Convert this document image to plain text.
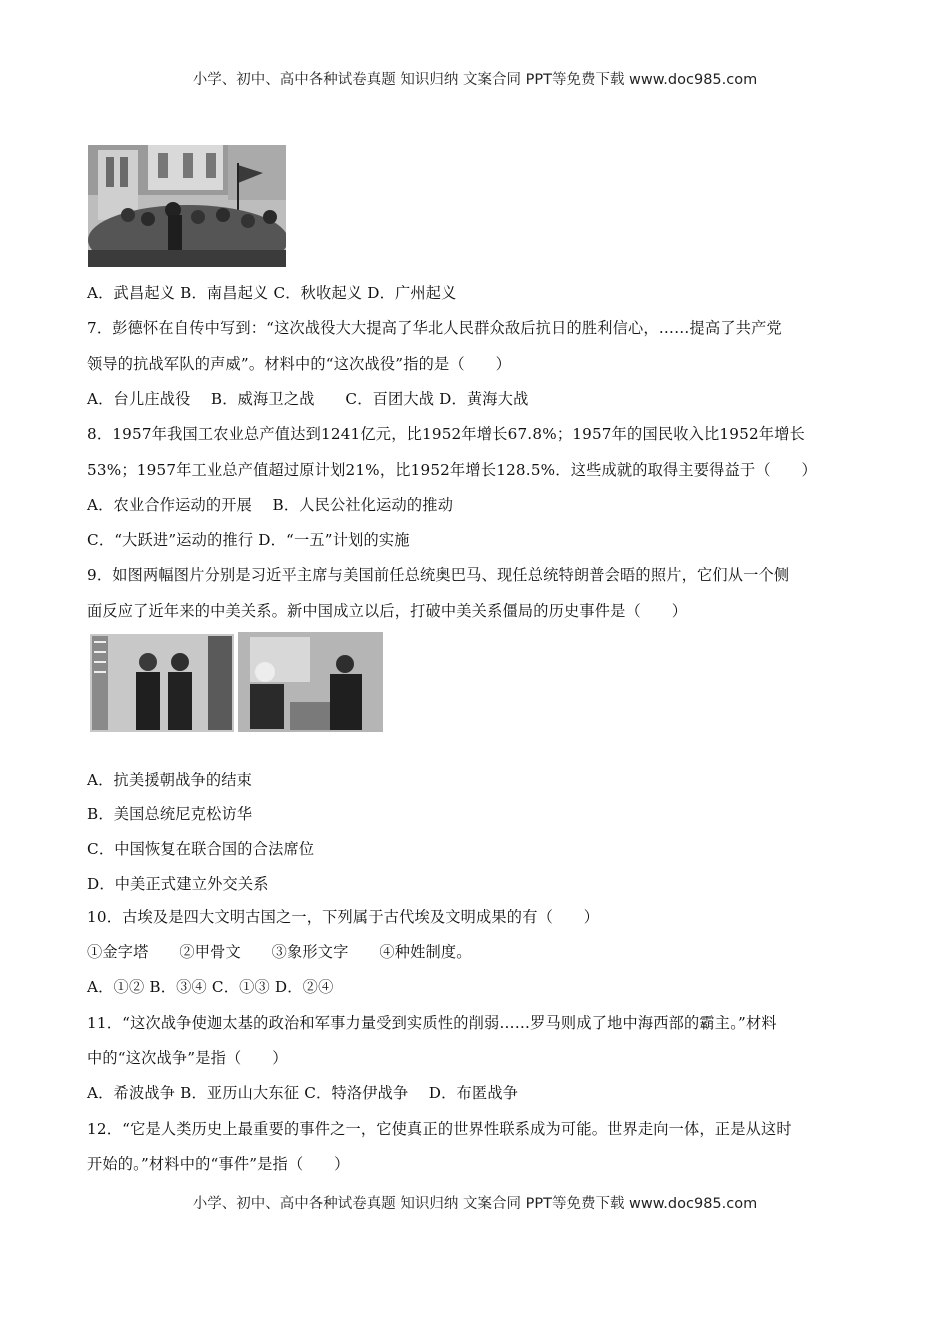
小学、初中、高中各种试卷真题 知识归纳 文案合同 PPT等免费下载 www.doc985.com
A．武昌起义 B．南昌起义 C．秋收起义 D．广州起义
7．彭德怀在自传中写到：“这次战役大大提高了华北人民群众敌后抗日的胜利信心，……提高了共产党
领导的抗战军队的声威”。材料中的“这次战役”指的是（　　）
A．台儿庄战役　 B．威海卫之战　　C．百团大战 D．黄海大战
8．1957年我国工农业总产值达到1241亿元，比1952年增长67.8%；1957年的国民收入比1952年增长
53%；1957年工业总产值超过原计划21%，比1952年增长128.5%．这些成就的取得主要得益于（　　）
A．农业合作运动的开展　 B．人民公社化运动的推动
C．“大跃进”运动的推行 D．“一五”计划的实施
9．如图两幅图片分别是习近平主席与美国前任总统奥巴马、现任总统特朗普会晤的照片，它们从一个侧
面反应了近年来的中美关系。新中国成立以后，打破中美关系僵局的历史事件是（　　）
A．抗美援朝战争的结束
B．美国总统尼克松访华
C．中国恢复在联合国的合法席位
D．中美正式建立外交关系
10．古埃及是四大文明古国之一，下列属于古代埃及文明成果的有（　　）
①金字塔　　②甲骨文　　③象形文字　　④种姓制度。
A．①② B．③④ C．①③ D．②④
11．“这次战争使迦太基的政治和军事力量受到实质性的削弱……罗马则成了地中海西部的霸主。”材料
中的“这次战争”是指（　　）
A．希波战争 B．亚历山大东征 C．特洛伊战争　 D．布匿战争
12．“它是人类历史上最重要的事件之一，它使真正的世界性联系成为可能。世界走向一体，正是从这时
开始的。”材料中的“事件”是指（　　）
小学、初中、高中各种试卷真题 知识归纳 文案合同 PPT等免费下载 www.doc985.com
